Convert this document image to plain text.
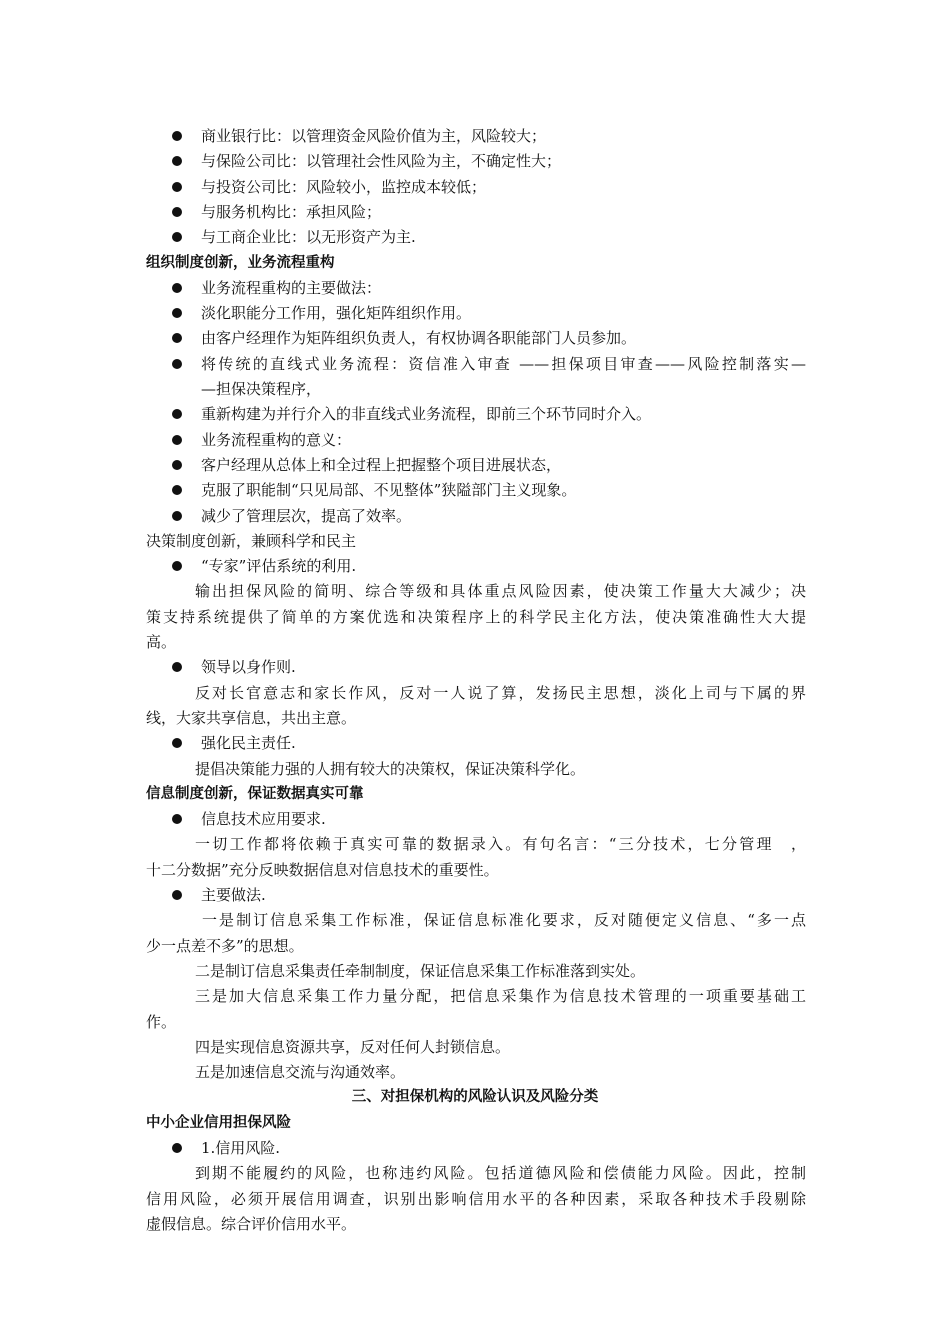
商业银行比：以管理资金风险价值为主，风险较大；
与保险公司比：以管理社会性风险为主，不确定性大；
与投资公司比：风险较小，监控成本较低；
与服务机构比：承担风险；
与工商企业比：以无形资产为主.
组织制度创新，业务流程重构
业务流程重构的主要做法：
淡化职能分工作用，强化矩阵组织作用。
由客户经理作为矩阵组织负责人，有权协调各职能部门人员参加。
将传统的直线式业务流程：资信准入审查 ——担保项目审查——风险控制落实—
—担保决策程序，
重新构建为并行介入的非直线式业务流程，即前三个环节同时介入。
业务流程重构的意义：
客户经理从总体上和全过程上把握整个项目进展状态，
克服了职能制“只见局部、不见整体”狭隘部门主义现象。
减少了管理层次，提高了效率。
决策制度创新，兼顾科学和民主
“专家”评估系统的利用.
输出担保风险的简明、综合等级和具体重点风险因素，使决策工作量大大减少；决
策支持系统提供了简单的方案优选和决策程序上的科学民主化方法，使决策准确性大大提
高。
领导以身作则.
反对长官意志和家长作风，反对一人说了算，发扬民主思想，淡化上司与下属的界
线，大家共享信息，共出主意。
强化民主责任.
提倡决策能力强的人拥有较大的决策权，保证决策科学化。
信息制度创新，保证数据真实可靠
信息技术应用要求.
一切工作都将依赖于真实可靠的数据录入。有句名言：“三分技术，七分管理　，
十二分数据”充分反映数据信息对信息技术的重要性。
主要做法.
一是制订信息采集工作标准，保证信息标准化要求，反对随便定义信息、“多一点
少一点差不多”的思想。
二是制订信息采集责任牵制制度，保证信息采集工作标准落到实处。
三是加大信息采集工作力量分配，把信息采集作为信息技术管理的一项重要基础工
作。
四是实现信息资源共享，反对任何人封锁信息。
五是加速信息交流与沟通效率。
三、对担保机构的风险认识及风险分类
中小企业信用担保风险
1.信用风险.
到期不能履约的风险，也称违约风险。包括道德风险和偿债能力风险。因此，控制
信用风险，必须开展信用调查，识别出影响信用水平的各种因素，采取各种技术手段剔除
虚假信息。综合评价信用水平。
